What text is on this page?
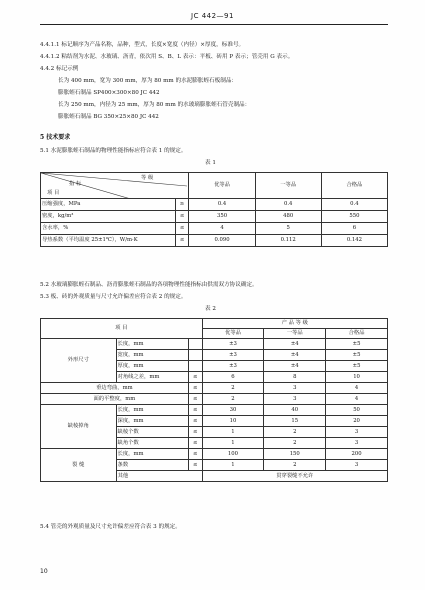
JC 442—91
4.4.1.1 标记顺序为产品名称，品种，型式，长度×宽度（内径）×厚度，标准号。
4.4.1.2 粘结剂为水泥、水玻璃、沥青，依次用 S、B、L 表示：平板、砖用 P 表示；管壳用 G 表示。
4.4.2 标记示例
长为 400 mm，宽为 300 mm，厚为 80 mm 的水泥膨胀蛭石板制品：
膨胀蛭石制品 SP400×300×80 JC 442
长为 250 mm，内径为 25 mm，厚为 80 mm 的水玻璃膨胀蛭石管壳制品：
膨胀蛭石制品 BG 350×25×80 JC 442
5 技术要求
5.1 水泥膨胀蛭石制品的物理性能指标应符合表 1 的规定。
表 1
等 级
指 标
项 目		优等品	一等品	合格品
压缩强度，MPa	≥	0.4	0.4	0.4
密度，kg/m³	≤	350	480	550
含水率，%	≤	4	5	6
导热系数（平均温度 25±1℃），W/m·K	≤	0.090	0.112	0.142
5.2 水玻璃膨胀蛭石制品、沥青膨胀蛭石制品的各项物理性能指标由供需双方协议确定。
5.3 板、砖的外观质量与尺寸允许偏差应符合表 2 的规定。
表 2
项 目			产 品 等 级		
			优等品	一等品	合格品
外形尺寸	长度，mm		±3	±4	±5
	宽度，mm		±3	±4	±5
	厚度，mm		±3	±4	±5
	对角线之差，mm	≤	6	8	10
垂边弯曲，mm		≤	2	3	4
面的平整度，mm		≤	2	3	4
缺棱掉角	长度，mm	≤	30	40	50
	深度，mm	≤	10	15	20
	缺棱个数	≤	1	2	3
	缺角个数	≤	1	2	3
裂 缝	长度，mm	≤	100	150	200
	条数	≤	1	2	3
	其他		贯穿裂缝不允许		
5.4 管壳的外观质量及尺寸允许偏差应符合表 3 的规定。
10
